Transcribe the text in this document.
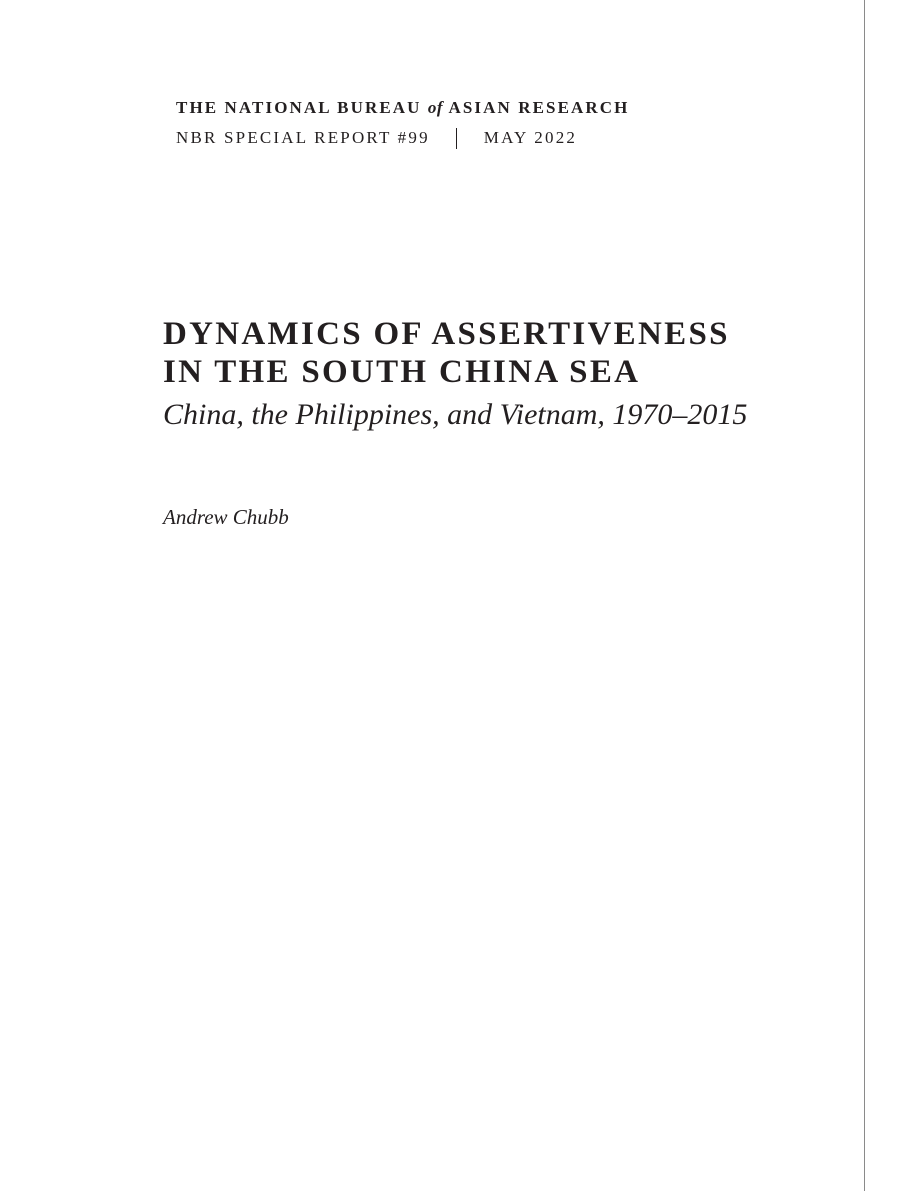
THE NATIONAL BUREAU of ASIAN RESEARCH
NBR SPECIAL REPORT #99	MAY 2022
DYNAMICS OF ASSERTIVENESS
IN THE SOUTH CHINA SEA
China, the Philippines, and Vietnam, 1970–2015
Andrew Chubb
